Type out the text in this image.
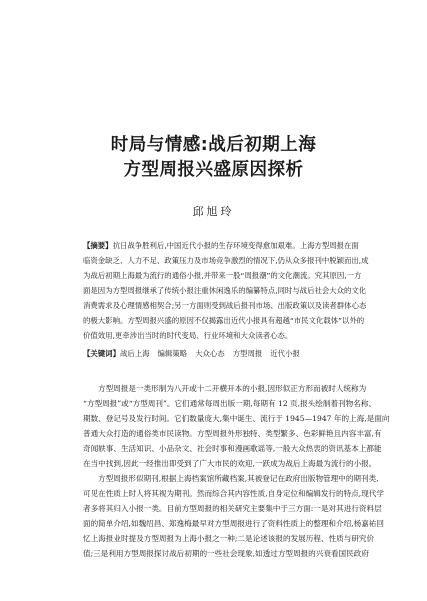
时局与情感:战后初期上海
方型周报兴盛原因探析
邱旭玲
【摘要】抗日战争胜利后,中国近代小报的生存环境变得愈加艰难。上海方型周报在面
临资金缺乏、人力不足、政策压力及市场竞争激烈的情况下,仍从众多报刊中脱颖而出,成
为战后初期上海最为流行的通俗小报,并带来一股“周报潮”的文化潮流。究其原因,一方
面是因为方型周报继承了传统小报注重休闲逸乐的编纂特点,同时与战后社会大众的文化
消费需求及心理情感相契合;另一方面则受到战后报刊市场、出版政策以及读者群体心态
的极大影响。方型周报兴盛的原因不仅揭露出近代小报具有超越“市民文化载体”以外的
价值效用,更牵涉出当时的时代变局、行业环境和大众读者心态。
【关键词】战后上海 编辑策略 大众心态 方型周报 近代小报
方型周报是一类形制为八开或十二开横开本的小报,因形似正方形而被时人统称为
“方型周报”或“方型周刊”。它们通常每周出版一期,每期有 12 页,报头绘制着刊物名称、
期数、登记号及发行时间。它们数量庞大,集中诞生、流行于 1945—1947 年的上海,是面向
普通大众打造的通俗类市民读物。方型周报外形独特、类型繁多、色彩鲜艳且内容丰富,有
奇闻轶事、生活知识、小品杂文、社会时事和漫画歌谣等,一般大众热衷的资讯基本上都能
在当中找到,因此一经推出即受到了广大市民的欢迎,一跃成为战后上海最为流行的小报。
方型周报形似期刊,根据上海档案馆所藏档案,其被登记在政府出版物管理中的期刊类,
可见在性质上时人将其视为期刊。然而综合其内容性质,自身定位和编辑发行的特点,现代学
者多将其归入小报一类。目前方型周报的相关研究主要集中于三方面:一是对其进行资料层
面的简单介绍,如魏绍昌、郑逸梅最早对方型周报进行了资料性质上的整理和介绍,杨嘉祐回
忆上海报业时提及方型周报为上海小报之一种;二是论述该报的发展历程、性质与研究价
值;三是利用方型周报探讨战后初期的一些社会现象,如透过方型周报的兴衰看国民政府
